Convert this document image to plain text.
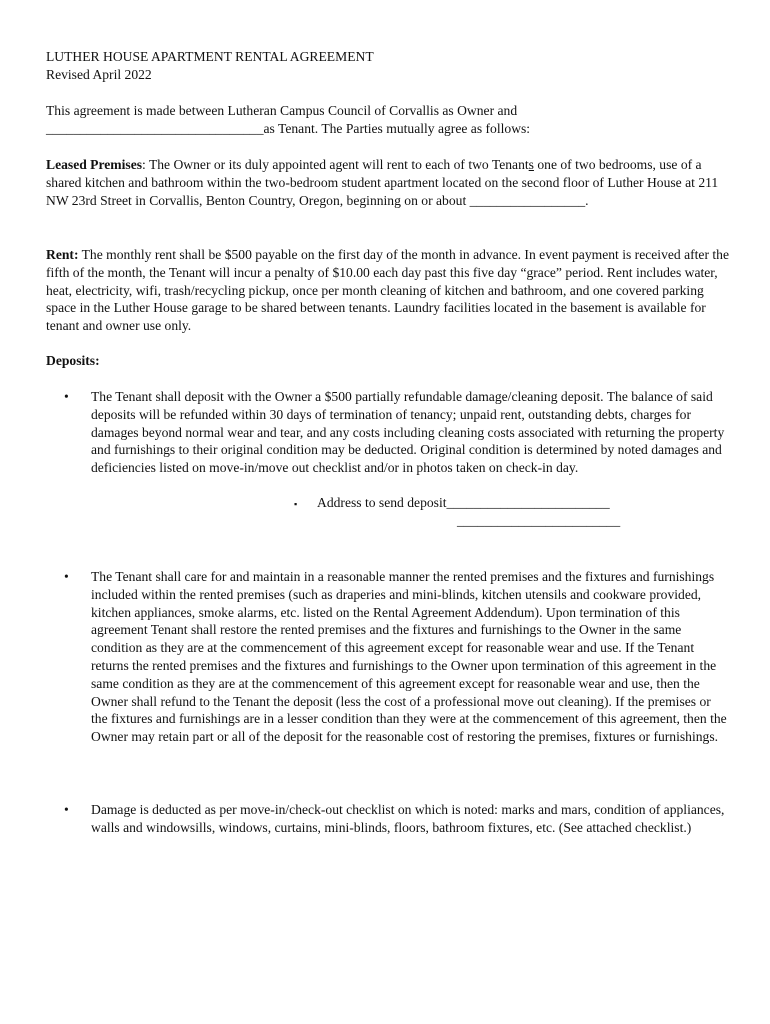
LUTHER HOUSE APARTMENT RENTAL AGREEMENT
Revised April 2022
This agreement is made between Lutheran Campus Council of Corvallis as Owner and
________________________________as Tenant. The Parties mutually agree as follows:

Leased Premises: The Owner or its duly appointed agent will rent to each of two Tenants one of two bedrooms, use of a shared kitchen and bathroom within the two-bedroom student apartment located on the second floor of Luther House at 211 NW 23rd Street in Corvallis, Benton Country, Oregon, beginning on or about _________________.

Rent: The monthly rent shall be $500 payable on the first day of the month in advance. In event payment is received after the fifth of the month, the Tenant will incur a penalty of $10.00 each day past this five day “grace” period. Rent includes water, heat, electricity, wifi, trash/recycling pickup, once per month cleaning of kitchen and bathroom, and one covered parking space in the Luther House garage to be shared between tenants. Laundry facilities located in the basement is available for tenant and owner use only.

Deposits:
•	The Tenant shall deposit with the Owner a $500 partially refundable damage/cleaning deposit. The balance of said deposits will be refunded within 30 days of termination of tenancy; unpaid rent, outstanding debts, charges for damages beyond normal wear and tear, and any costs including cleaning costs associated with returning the property and furnishings to their original condition may be deducted. Original condition is determined by noted damages and deficiencies listed on move-in/move out checklist and/or in photos taken on check-in day.

▪ Address to send deposit________________________
________________________
•	The Tenant shall care for and maintain in a reasonable manner the rented premises and the fixtures and furnishings included within the rented premises (such as draperies and mini-blinds, kitchen utensils and cookware provided, kitchen appliances, smoke alarms, etc. listed on the Rental Agreement Addendum). Upon termination of this agreement Tenant shall restore the rented premises and the fixtures and furnishings to the Owner in the same condition as they are at the commencement of this agreement except for reasonable wear and use. If the Tenant returns the rented premises and the fixtures and furnishings to the Owner upon termination of this agreement in the same condition as they are at the commencement of this agreement except for reasonable wear and use, then the Owner shall refund to the Tenant the deposit (less the cost of a professional move out cleaning). If the premises or the fixtures and furnishings are in a lesser condition than they were at the commencement of this agreement, then the Owner may retain part or all of the deposit for the reasonable cost of restoring the premises, fixtures or furnishings.

•	Damage is deducted as per move-in/check-out checklist on which is noted: marks and mars, condition of appliances, walls and windowsills, windows, curtains, mini-blinds, floors, bathroom fixtures, etc. (See attached checklist.)
